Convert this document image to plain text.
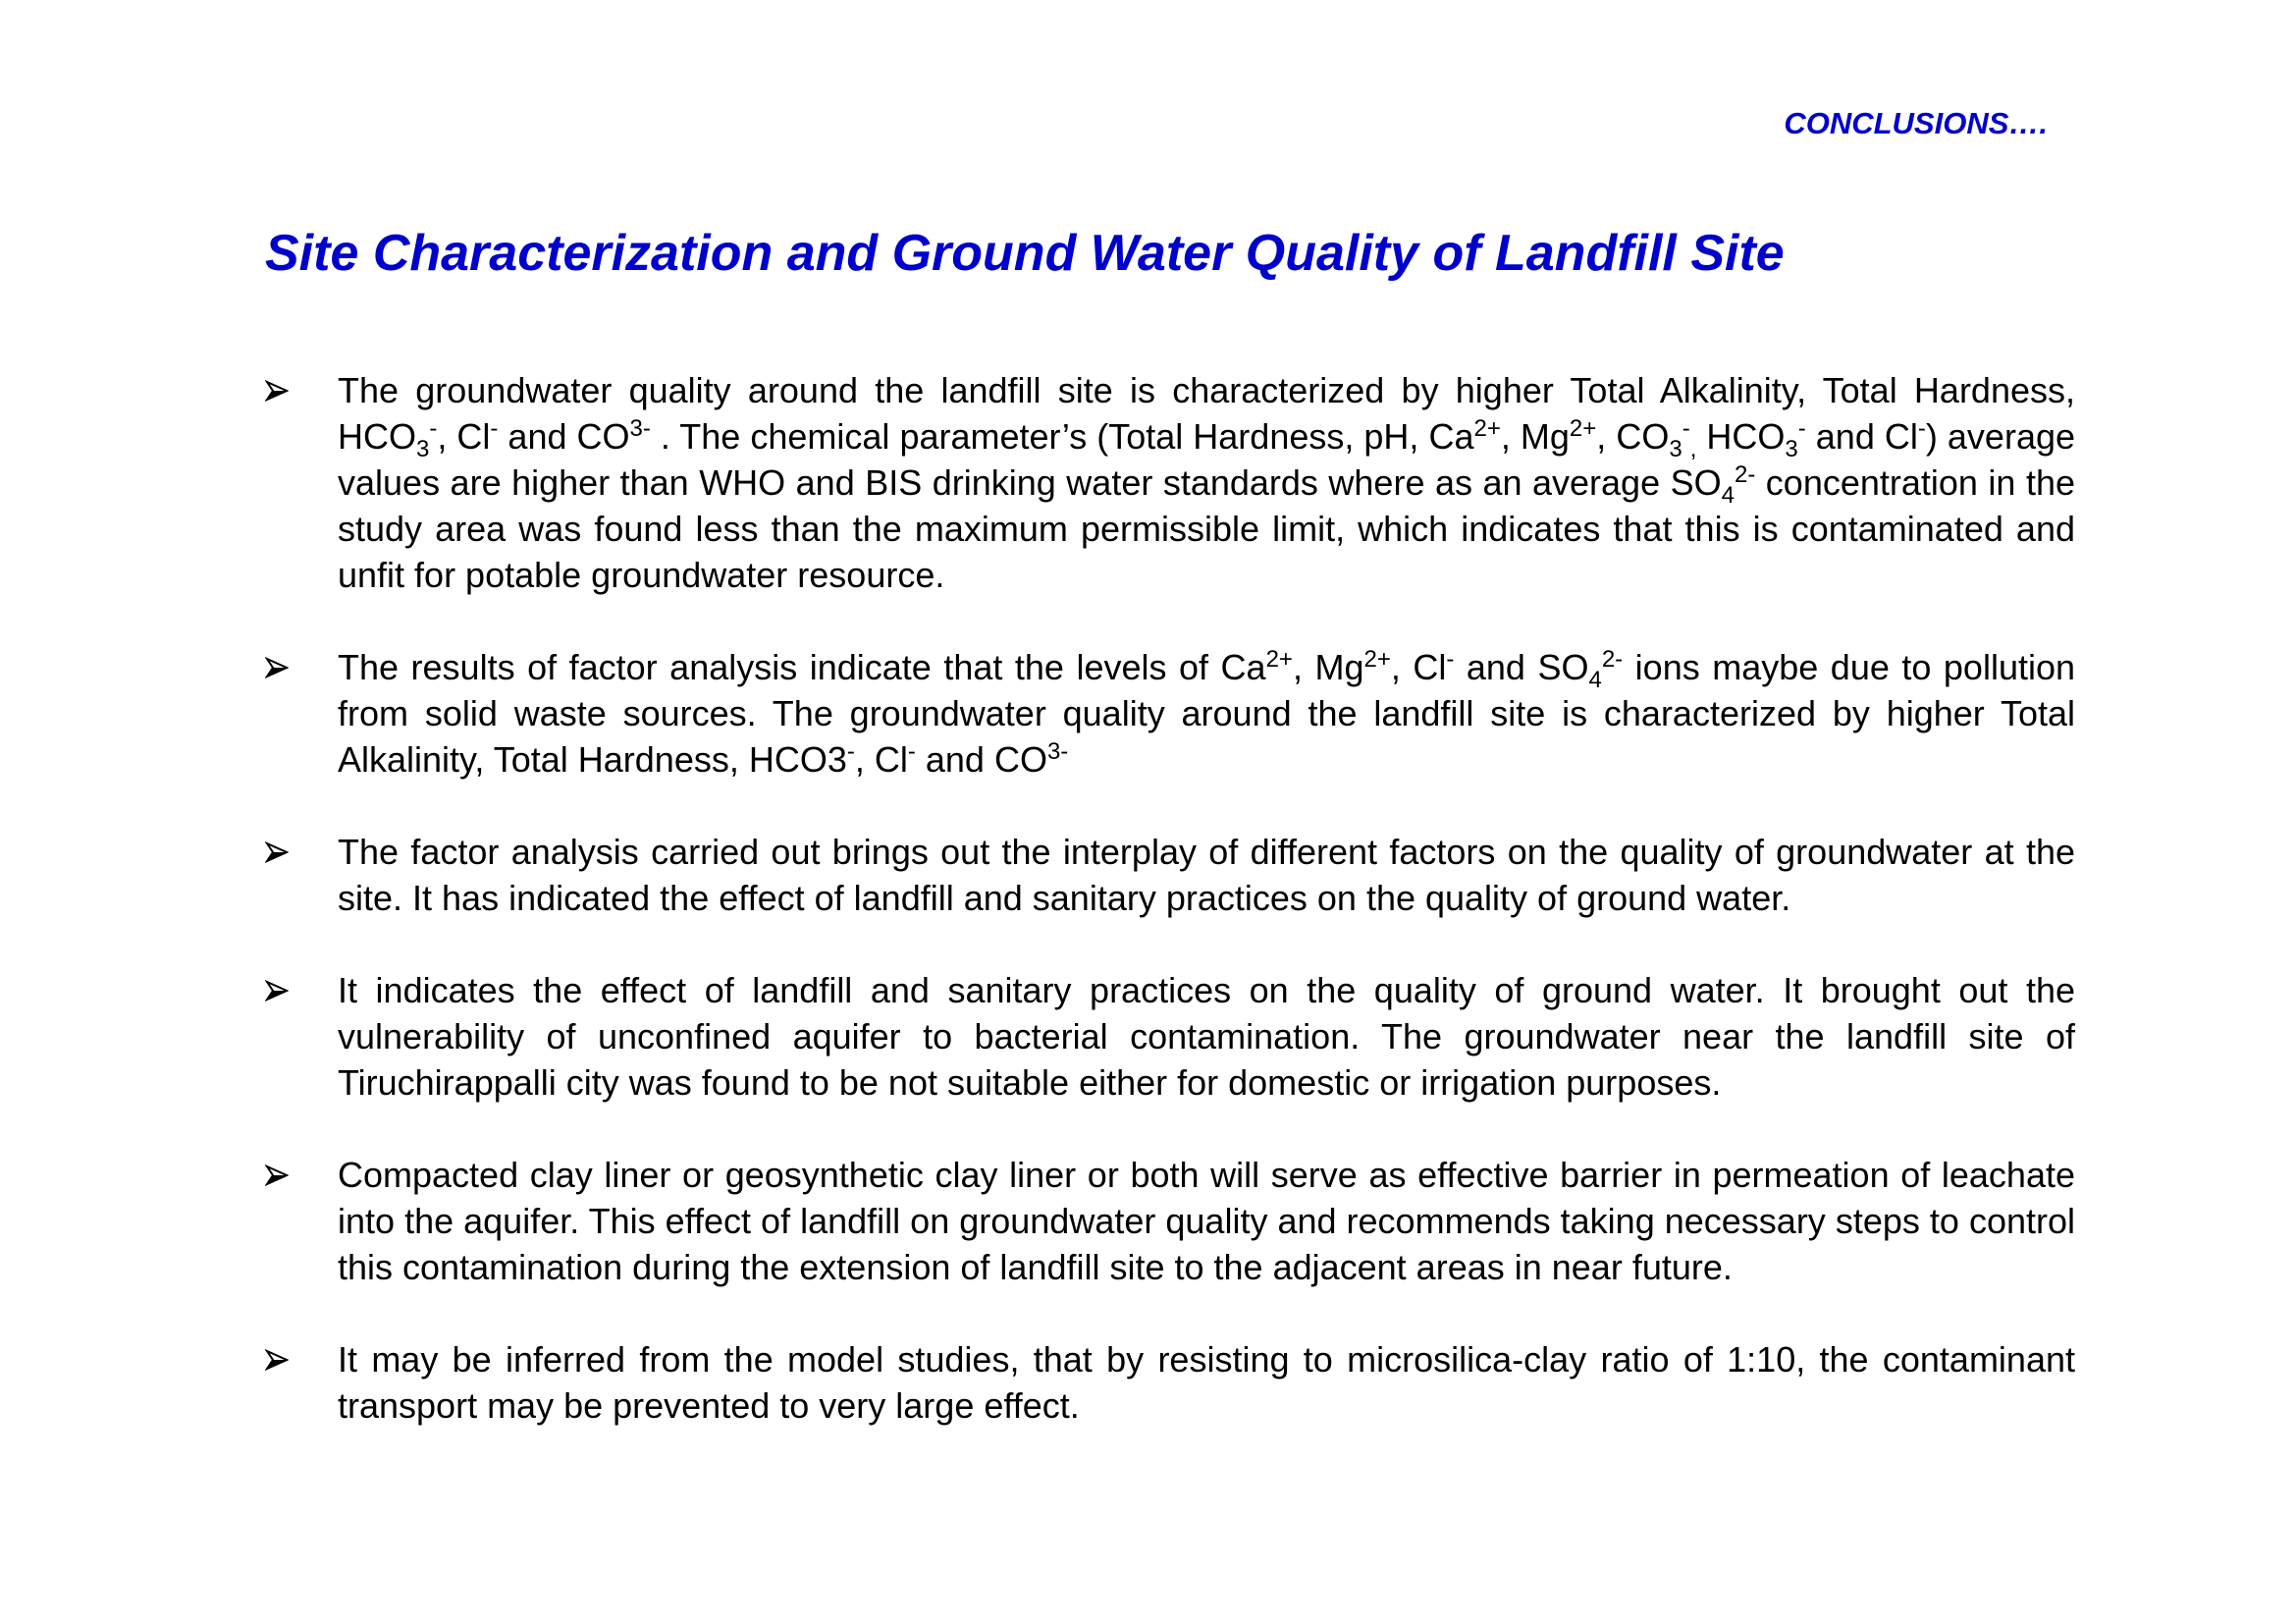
CONCLUSIONS….
Site Characterization and Ground Water Quality of Landfill Site
The groundwater quality around the landfill site is characterized by higher Total Alkalinity, Total Hardness, $HCO_3^-$, Cl- and $CO^{3-}$ . The chemical parameter’s (Total Hardness, pH, $Ca^{2+}$, $Mg^{2+}$, $CO_3^-_,$ $HCO_3^-$ and Cl-) average values are higher than WHO and BIS drinking water standards where as an average $SO_4^{2-}$ concentration in the study area was found less than the maximum permissible limit, which indicates that this is contaminated and unfit for potable groundwater resource.
The results of factor analysis indicate that the levels of $Ca^{2+}$, $Mg^{2+}$, Cl- and $SO_4^{2-}$ ions maybe due to pollution from solid waste sources. The groundwater quality around the landfill site is characterized by higher Total Alkalinity, Total Hardness, HCO3-, Cl- and $CO^{3-}$
The factor analysis carried out brings out the interplay of different factors on the quality of groundwater at the site. It has indicated the effect of landfill and sanitary practices on the quality of ground water.
It indicates the effect of landfill and sanitary practices on the quality of ground water. It brought out the vulnerability of unconfined aquifer to bacterial contamination. The groundwater near the landfill site of Tiruchirappalli city was found to be not suitable either for domestic or irrigation purposes.
Compacted clay liner or geosynthetic clay liner or both will serve as effective barrier in permeation of leachate into the aquifer. This effect of landfill on groundwater quality and recommends taking necessary steps to control this contamination during the extension of landfill site to the adjacent areas in near future.
It may be inferred from the model studies, that by resisting to microsilica-clay ratio of 1:10, the contaminant transport may be prevented to very large effect.
